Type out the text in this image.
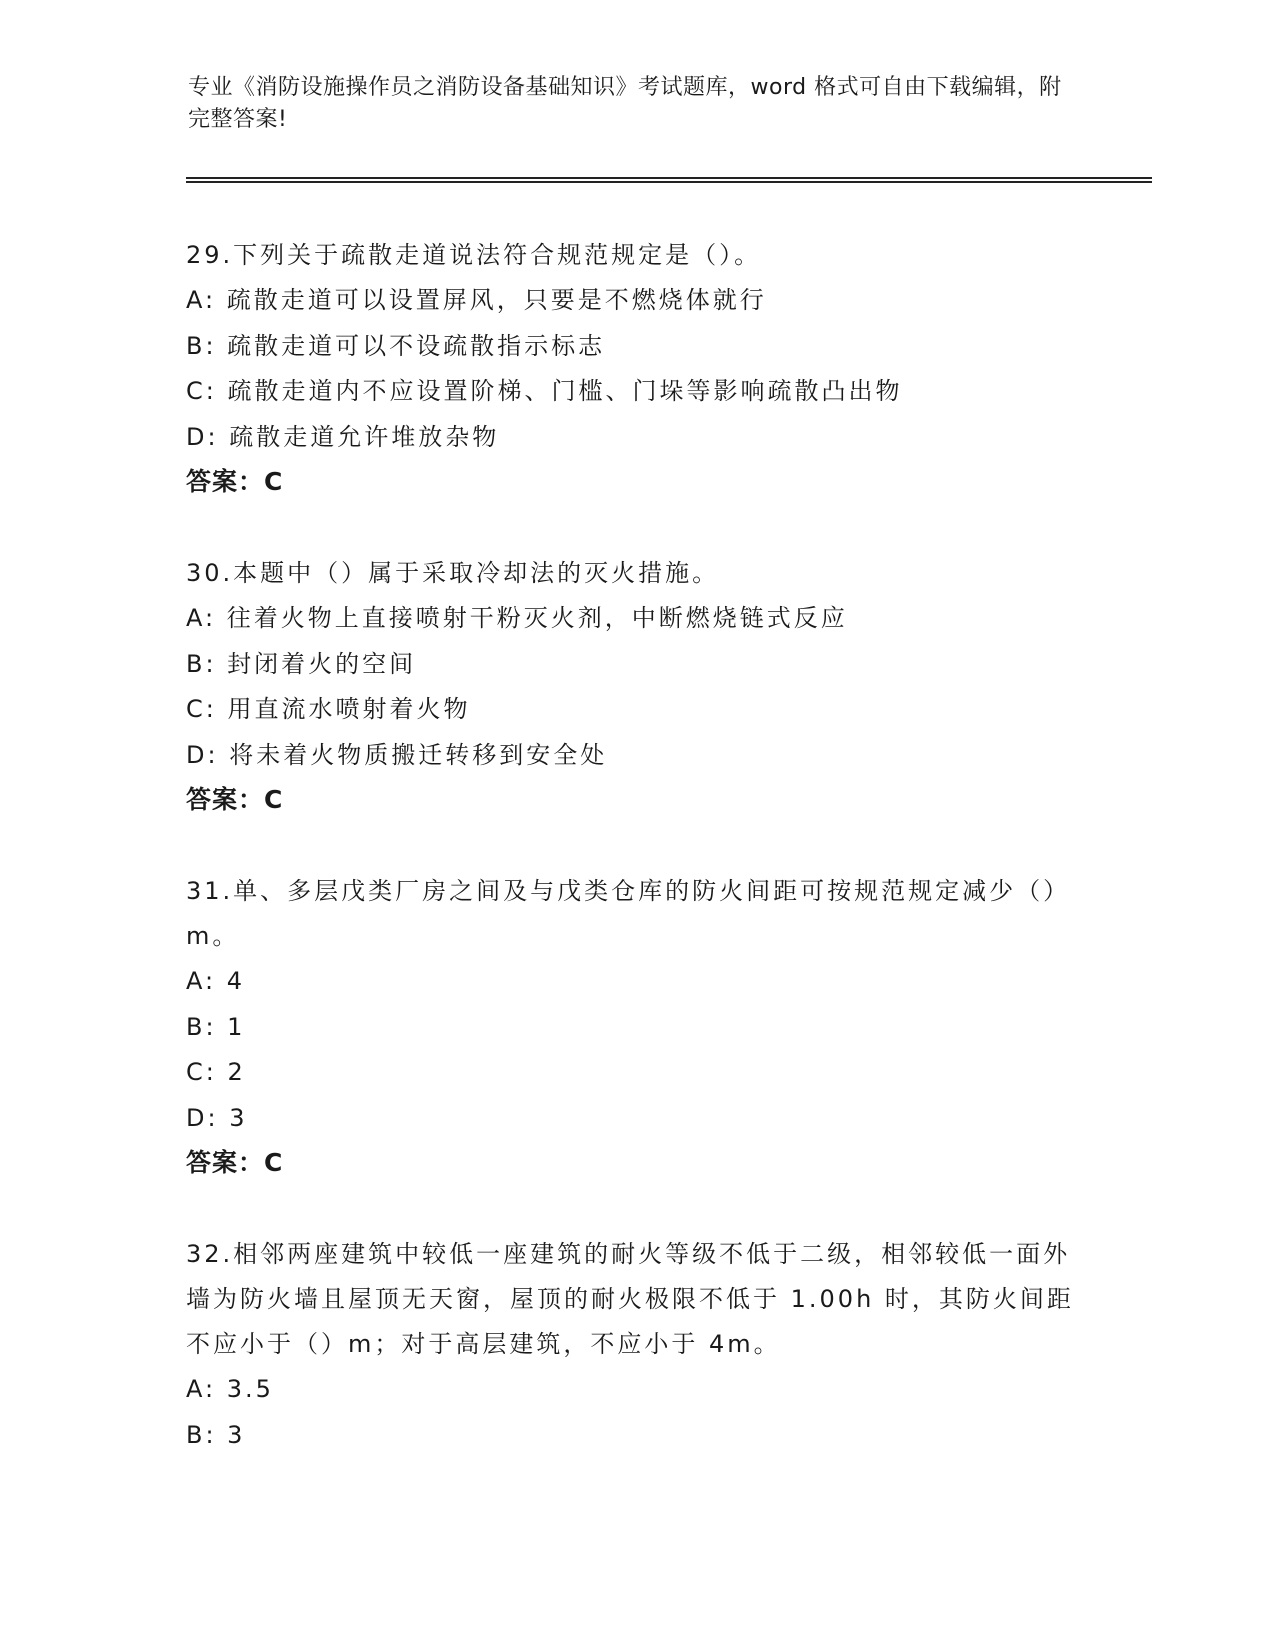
专业《消防设施操作员之消防设备基础知识》考试题库，word 格式可自由下载编辑，附完整答案!
29.下列关于疏散走道说法符合规范规定是（）。
A: 疏散走道可以设置屏风，只要是不燃烧体就行
B: 疏散走道可以不设疏散指示标志
C: 疏散走道内不应设置阶梯、门槛、门垛等影响疏散凸出物
D: 疏散走道允许堆放杂物
答案：C
30.本题中（）属于采取冷却法的灭火措施。
A: 往着火物上直接喷射干粉灭火剂，中断燃烧链式反应
B: 封闭着火的空间
C: 用直流水喷射着火物
D: 将未着火物质搬迁转移到安全处
答案：C
31.单、多层戊类厂房之间及与戊类仓库的防火间距可按规范规定减少（）m。
A: 4
B: 1
C: 2
D: 3
答案：C
32.相邻两座建筑中较低一座建筑的耐火等级不低于二级，相邻较低一面外墙为防火墙且屋顶无天窗，屋顶的耐火极限不低于 1.00h 时，其防火间距不应小于（）m；对于高层建筑，不应小于 4m。
A: 3.5
B: 3
